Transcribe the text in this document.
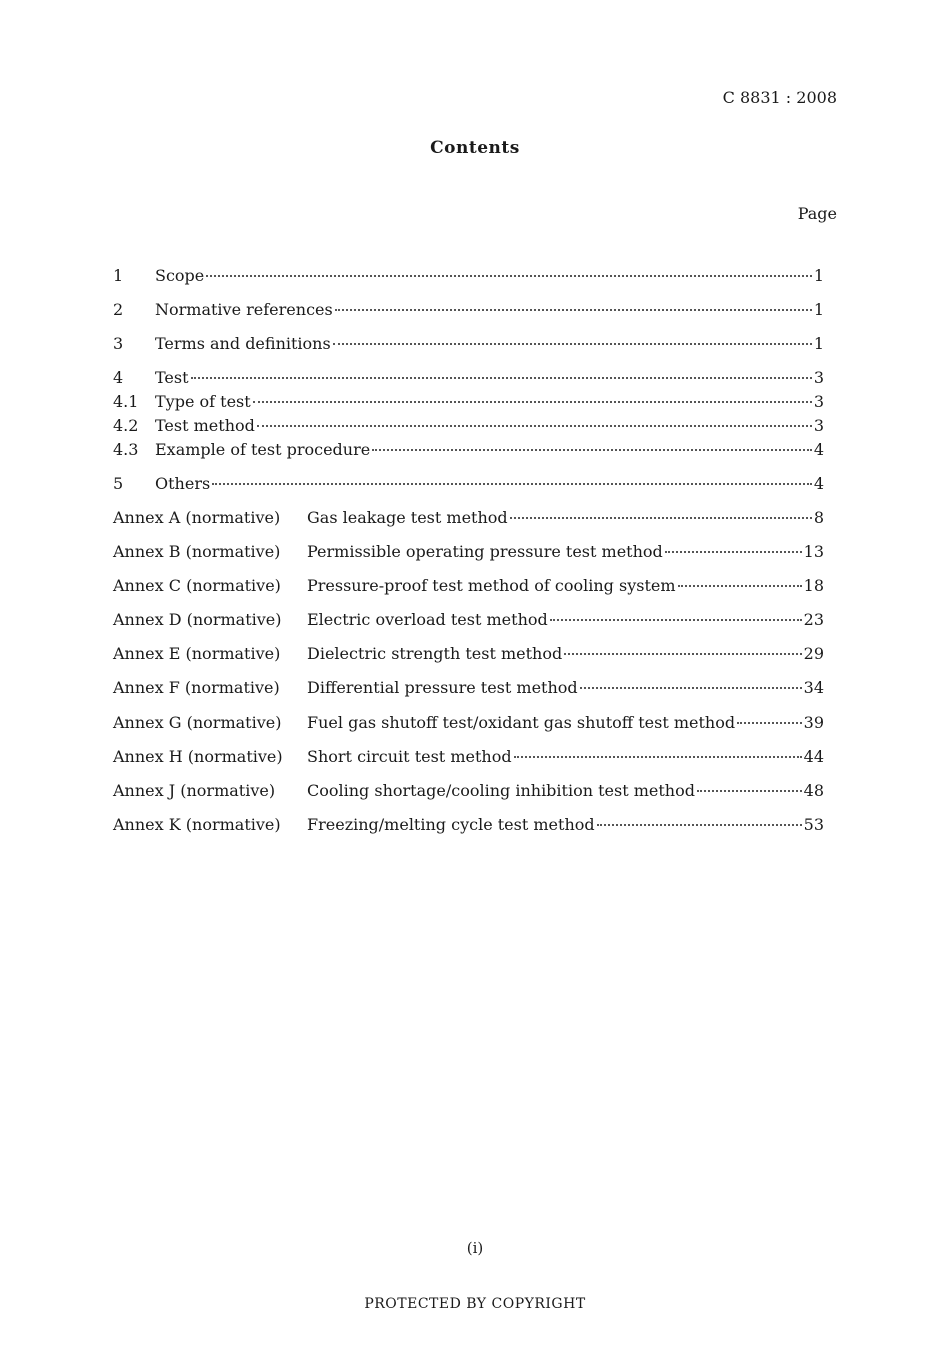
C 8831 : 2008
Contents
Page
1	Scope	1
2	Normative references	1
3	Terms and definitions	1
4	Test	3
4.1	Type of test	3
4.2	Test method	3
4.3	Example of test procedure	4
5	Others	4
Annex A (normative)	Gas leakage test method	8
Annex B (normative)	Permissible operating pressure test method	13
Annex C (normative)	Pressure-proof test method of cooling system	18
Annex D (normative)	Electric overload test method	23
Annex E (normative)	Dielectric strength test method	29
Annex F (normative)	Differential pressure test method	34
Annex G (normative)	Fuel gas shutoff test/oxidant gas shutoff test method	39
Annex H (normative)	Short circuit test method	44
Annex J (normative)	Cooling shortage/cooling inhibition test method	48
Annex K (normative)	Freezing/melting cycle test method	53
(i)
PROTECTED BY COPYRIGHT
